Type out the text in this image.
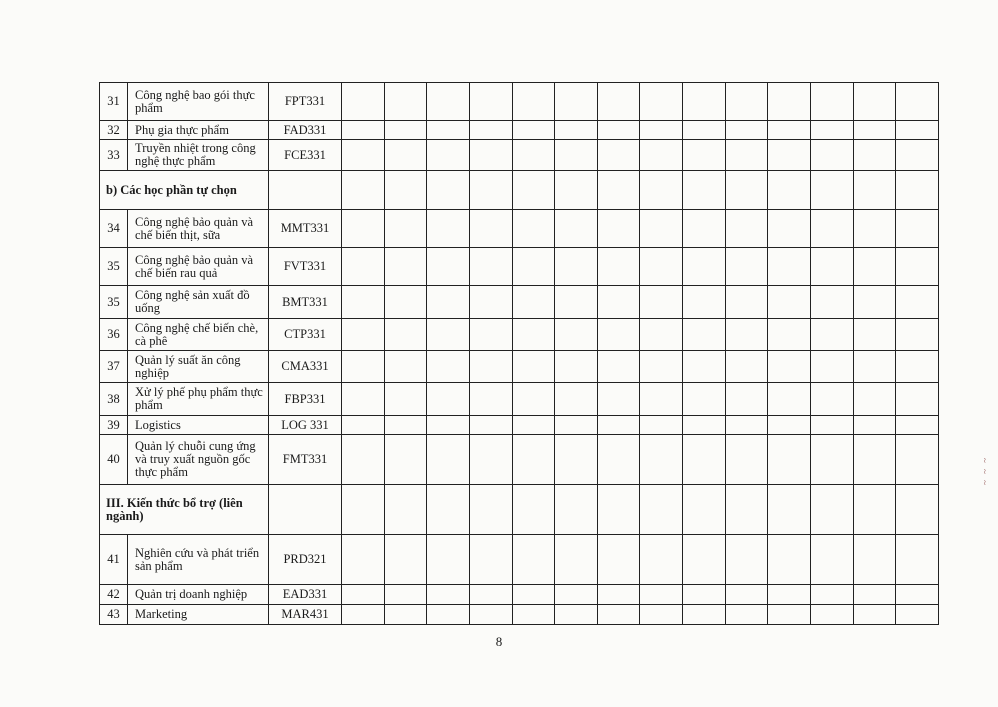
31	Công nghệ bao gói thực phẩm	FPT331														
32	Phụ gia thực phẩm	FAD331														
33	Truyền nhiệt trong công nghệ thực phẩm	FCE331														
b) Các học phần tự chọn																
34	Công nghệ bảo quản và chế biến thịt, sữa	MMT331														
35	Công nghệ bảo quản và chế biến rau quả	FVT331														
35	Công nghệ sản xuất đồ uống	BMT331														
36	Công nghệ chế biến chè, cà phê	CTP331														
37	Quản lý suất ăn công nghiệp	CMA331														
38	Xử lý phế phụ phẩm thực phẩm	FBP331														
39	Logistics	LOG 331														
40	Quản lý chuỗi cung ứng và truy xuất nguồn gốc thực phẩm	FMT331														
III. Kiến thức bổ trợ (liên ngành)																
41	Nghiên cứu và phát triển sản phẩm	PRD321														
42	Quản trị doanh nghiệp	EAD331														
43	Marketing	MAR431														
8
~ ~ ~
